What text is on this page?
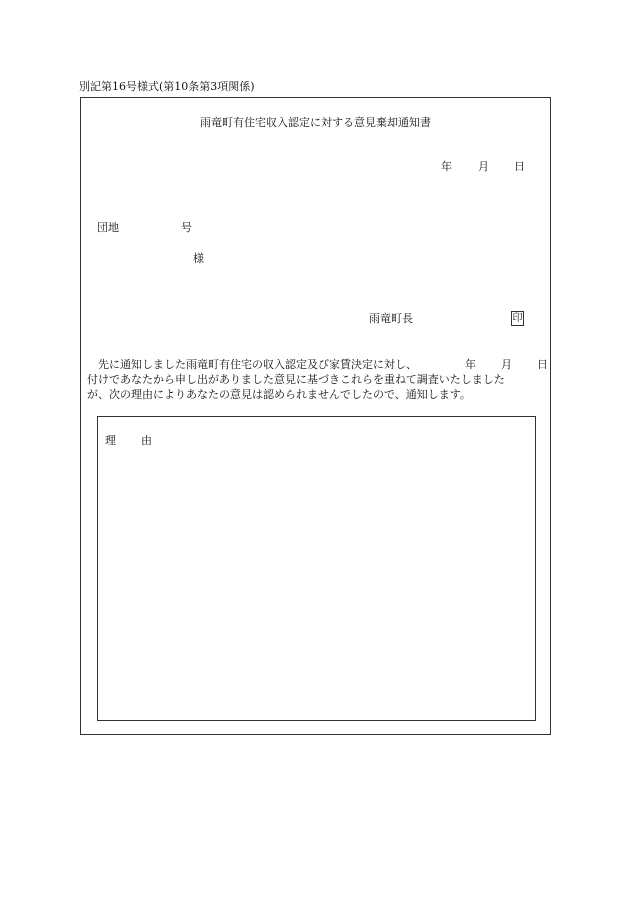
別記第16号様式(第10条第3項関係)
雨竜町有住宅収入認定に対する意見棄却通知書
年 月 日
団地	号
様
雨竜町長	印
先に通知しました雨竜町有住宅の収入認定及び家賃決定に対し、	年 月 日
付けであなたから申し出がありました意見に基づきこれらを重ねて調査いたしました
が、次の理由によりあなたの意見は認められませんでしたので、通知します。
理 由
